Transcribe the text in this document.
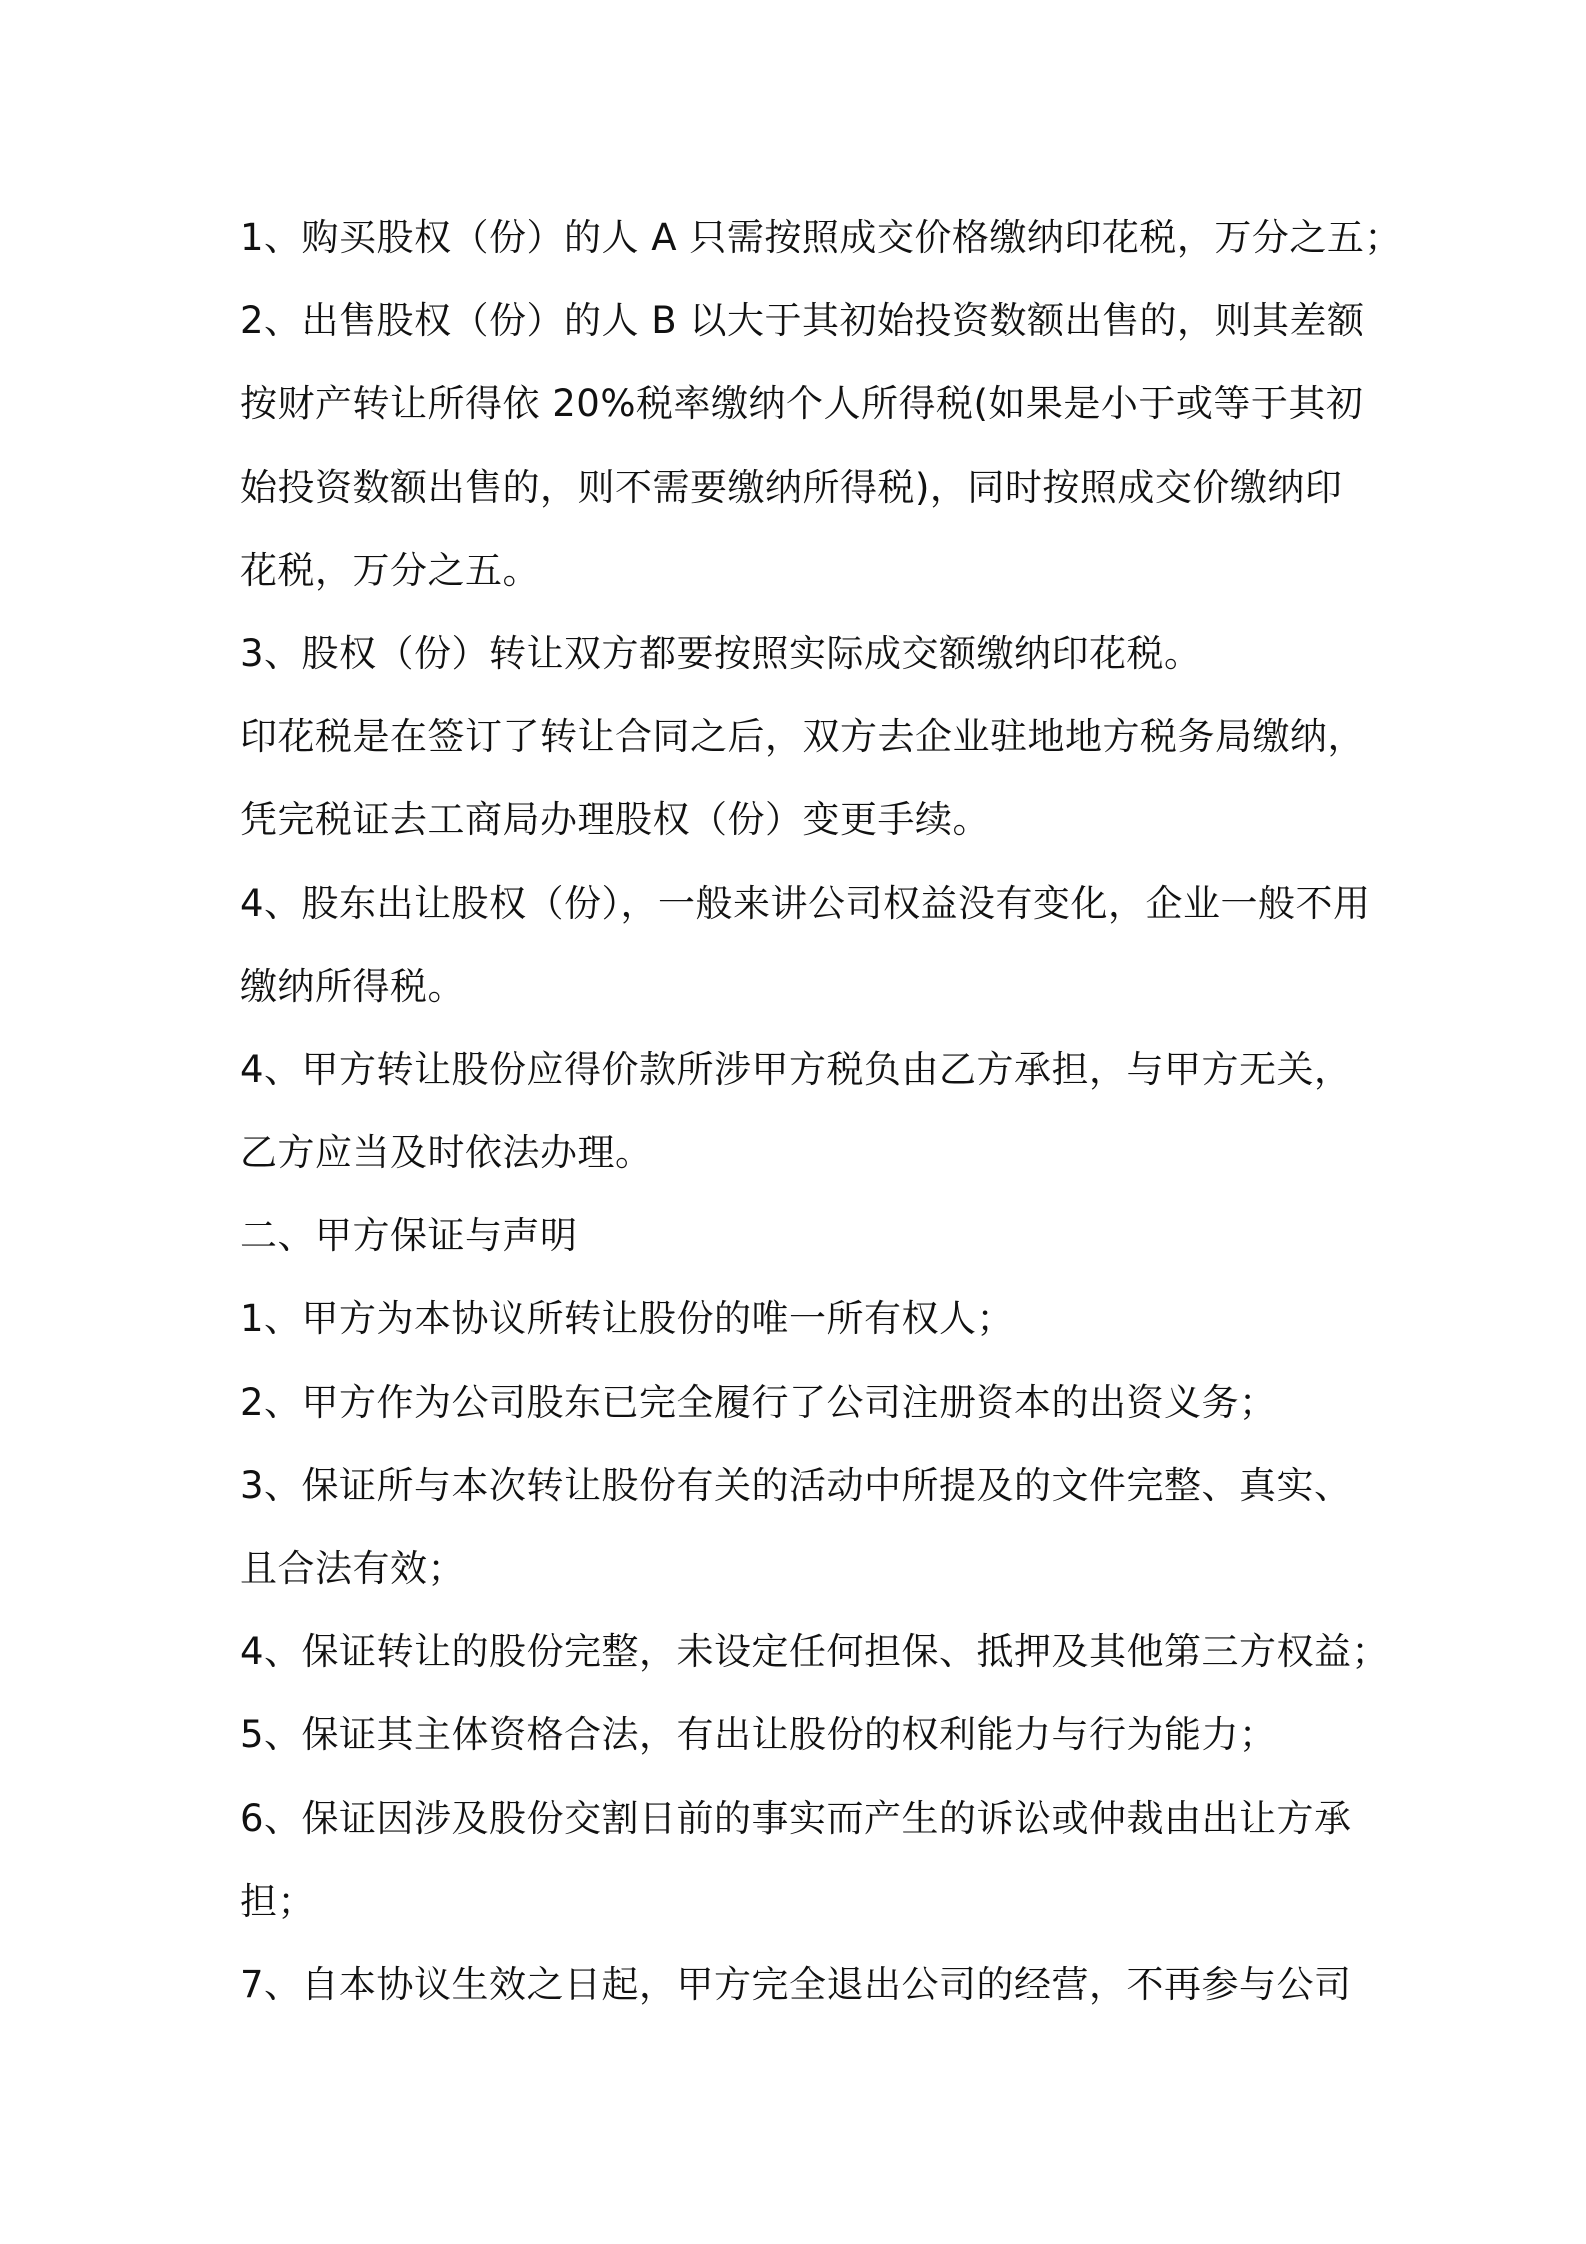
1、购买股权（份）的人 A 只需按照成交价格缴纳印花税，万分之五；
2、出售股权（份）的人 B 以大于其初始投资数额出售的，则其差额
按财产转让所得依 20%税率缴纳个人所得税(如果是小于或等于其初
始投资数额出售的，则不需要缴纳所得税)，同时按照成交价缴纳印
花税，万分之五。
3、股权（份）转让双方都要按照实际成交额缴纳印花税。
印花税是在签订了转让合同之后，双方去企业驻地地方税务局缴纳，
凭完税证去工商局办理股权（份）变更手续。
4、股东出让股权（份），一般来讲公司权益没有变化，企业一般不用
缴纳所得税。
4、甲方转让股份应得价款所涉甲方税负由乙方承担，与甲方无关，
乙方应当及时依法办理。
二、甲方保证与声明
1、甲方为本协议所转让股份的唯一所有权人；
2、甲方作为公司股东已完全履行了公司注册资本的出资义务；
3、保证所与本次转让股份有关的活动中所提及的文件完整、真实、
且合法有效；
4、保证转让的股份完整，未设定任何担保、抵押及其他第三方权益；
5、保证其主体资格合法，有出让股份的权利能力与行为能力；
6、保证因涉及股份交割日前的事实而产生的诉讼或仲裁由出让方承
担；
7、自本协议生效之日起，甲方完全退出公司的经营，不再参与公司
